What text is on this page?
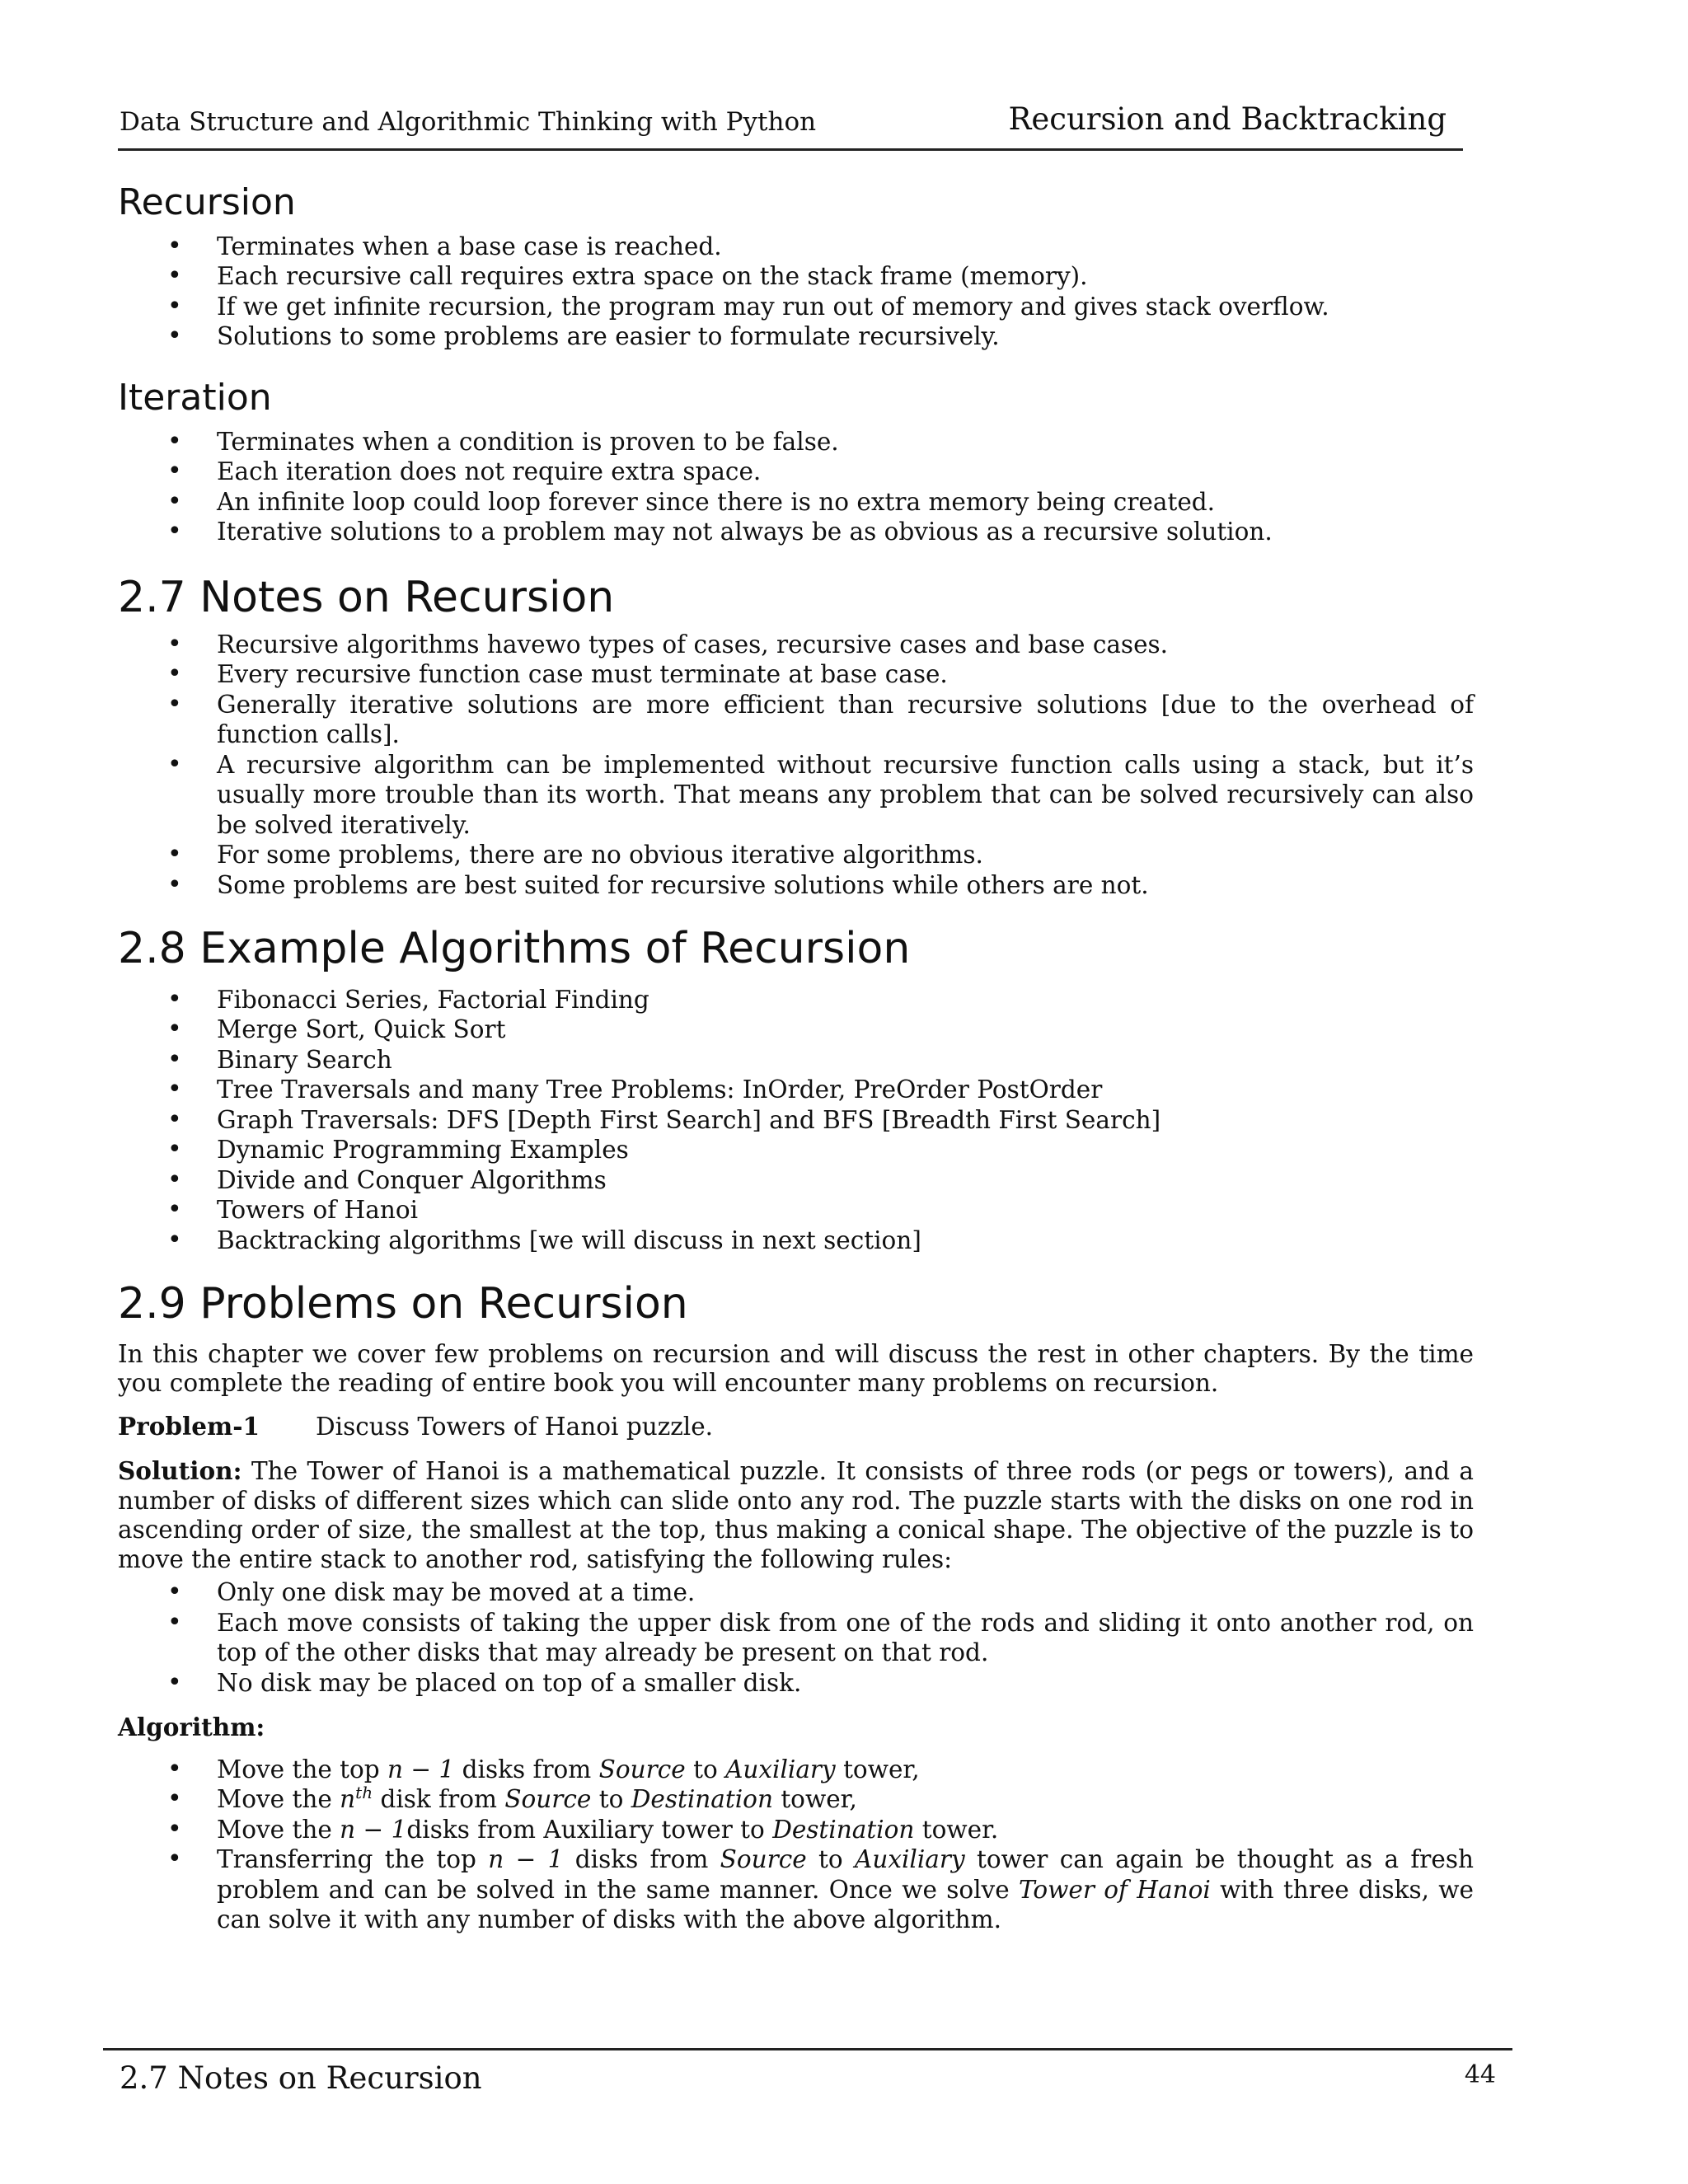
Data Structure and Algorithmic Thinking with Python	Recursion and Backtracking
Recursion
• Terminates when a base case is reached.
• Each recursive call requires extra space on the stack frame (memory).
• If we get infinite recursion, the program may run out of memory and gives stack overflow.
• Solutions to some problems are easier to formulate recursively.
Iteration
• Terminates when a condition is proven to be false.
• Each iteration does not require extra space.
• An infinite loop could loop forever since there is no extra memory being created.
• Iterative solutions to a problem may not always be as obvious as a recursive solution.
2.7 Notes on Recursion
• Recursive algorithms havewo types of cases, recursive cases and base cases.
• Every recursive function case must terminate at base case.
• Generally iterative solutions are more efficient than recursive solutions [due to the overhead of function calls].
• A recursive algorithm can be implemented without recursive function calls using a stack, but it’s usually more trouble than its worth. That means any problem that can be solved recursively can also be solved iteratively.
• For some problems, there are no obvious iterative algorithms.
• Some problems are best suited for recursive solutions while others are not.
2.8 Example Algorithms of Recursion
• Fibonacci Series, Factorial Finding
• Merge Sort, Quick Sort
• Binary Search
• Tree Traversals and many Tree Problems: InOrder, PreOrder PostOrder
• Graph Traversals: DFS [Depth First Search] and BFS [Breadth First Search]
• Dynamic Programming Examples
• Divide and Conquer Algorithms
• Towers of Hanoi
• Backtracking algorithms [we will discuss in next section]
2.9 Problems on Recursion

In this chapter we cover few problems on recursion and will discuss the rest in other chapters. By the time you complete the reading of entire book you will encounter many problems on recursion.

Problem-1 Discuss Towers of Hanoi puzzle.

Solution: The Tower of Hanoi is a mathematical puzzle. It consists of three rods (or pegs or towers), and a number of disks of different sizes which can slide onto any rod. The puzzle starts with the disks on one rod in ascending order of size, the smallest at the top, thus making a conical shape. The objective of the puzzle is to move the entire stack to another rod, satisfying the following rules:

• Only one disk may be moved at a time.
• Each move consists of taking the upper disk from one of the rods and sliding it onto another rod, on top of the other disks that may already be present on that rod.
• No disk may be placed on top of a smaller disk.

Algorithm:

• Move the top n − 1 disks from Source to Auxiliary tower,
• Move the $n^{th}$ disk from Source to Destination tower,
• Move the n − 1disks from Auxiliary tower to Destination tower.
• Transferring the top n − 1 disks from Source to Auxiliary tower can again be thought as a fresh problem and can be solved in the same manner. Once we solve Tower of Hanoi with three disks, we can solve it with any number of disks with the above algorithm.
2.7 Notes on Recursion	44
